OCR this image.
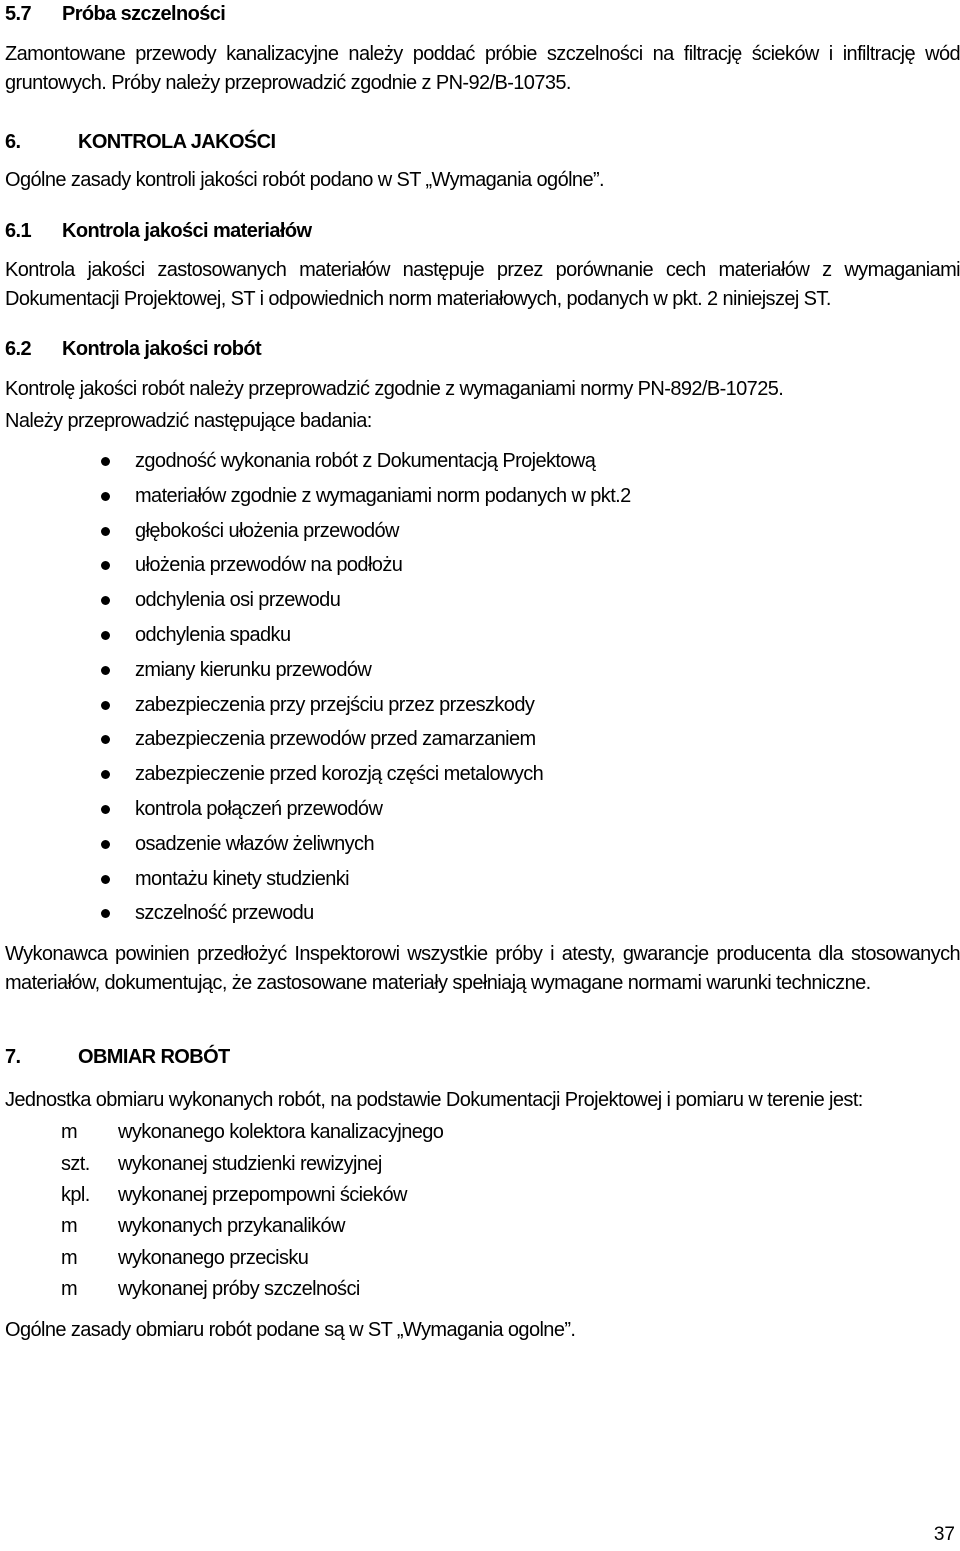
5.7	Próba szczelności

Zamontowane przewody kanalizacyjne należy poddać próbie szczelności na filtrację ścieków i infiltrację wód gruntowych. Próby należy przeprowadzić zgodnie z PN-92/B-10735.

6.	KONTROLA JAKOŚCI

Ogólne zasady kontroli jakości robót podano w ST „Wymagania ogólne”.

6.1	Kontrola jakości materiałów

Kontrola jakości zastosowanych materiałów następuje przez porównanie cech materiałów z wymaganiami Dokumentacji Projektowej, ST i odpowiednich norm materiałowych, podanych w pkt. 2 niniejszej ST.

6.2	Kontrola jakości robót

Kontrolę jakości robót należy przeprowadzić zgodnie z wymaganiami normy PN-892/B-10725.

Należy przeprowadzić następujące badania:

zgodność wykonania robót z Dokumentacją Projektową
materiałów zgodnie z wymaganiami norm podanych w pkt.2
głębokości ułożenia przewodów
ułożenia przewodów na podłożu
odchylenia osi przewodu
odchylenia spadku
zmiany kierunku przewodów
zabezpieczenia przy przejściu przez przeszkody
zabezpieczenia przewodów przed zamarzaniem
zabezpieczenie przed korozją części metalowych
kontrola połączeń przewodów
osadzenie włazów żeliwnych
montażu kinety studzienki
szczelność przewodu

Wykonawca powinien przedłożyć Inspektorowi wszystkie próby i atesty, gwarancje producenta dla stosowanych materiałów, dokumentując, że zastosowane materiały spełniają wymagane normami warunki techniczne.

7.	OBMIAR ROBÓT

Jednostka obmiaru wykonanych robót, na podstawie Dokumentacji Projektowej i pomiaru w terenie jest:

m	wykonanego kolektora kanalizacyjnego
szt.	wykonanej studzienki rewizyjnej
kpl.	wykonanej przepompowni ścieków
m	wykonanych przykanalików
m	wykonanego przecisku
m	wykonanej próby szczelności

Ogólne zasady obmiaru robót podane są w ST „Wymagania ogolne”.

37
